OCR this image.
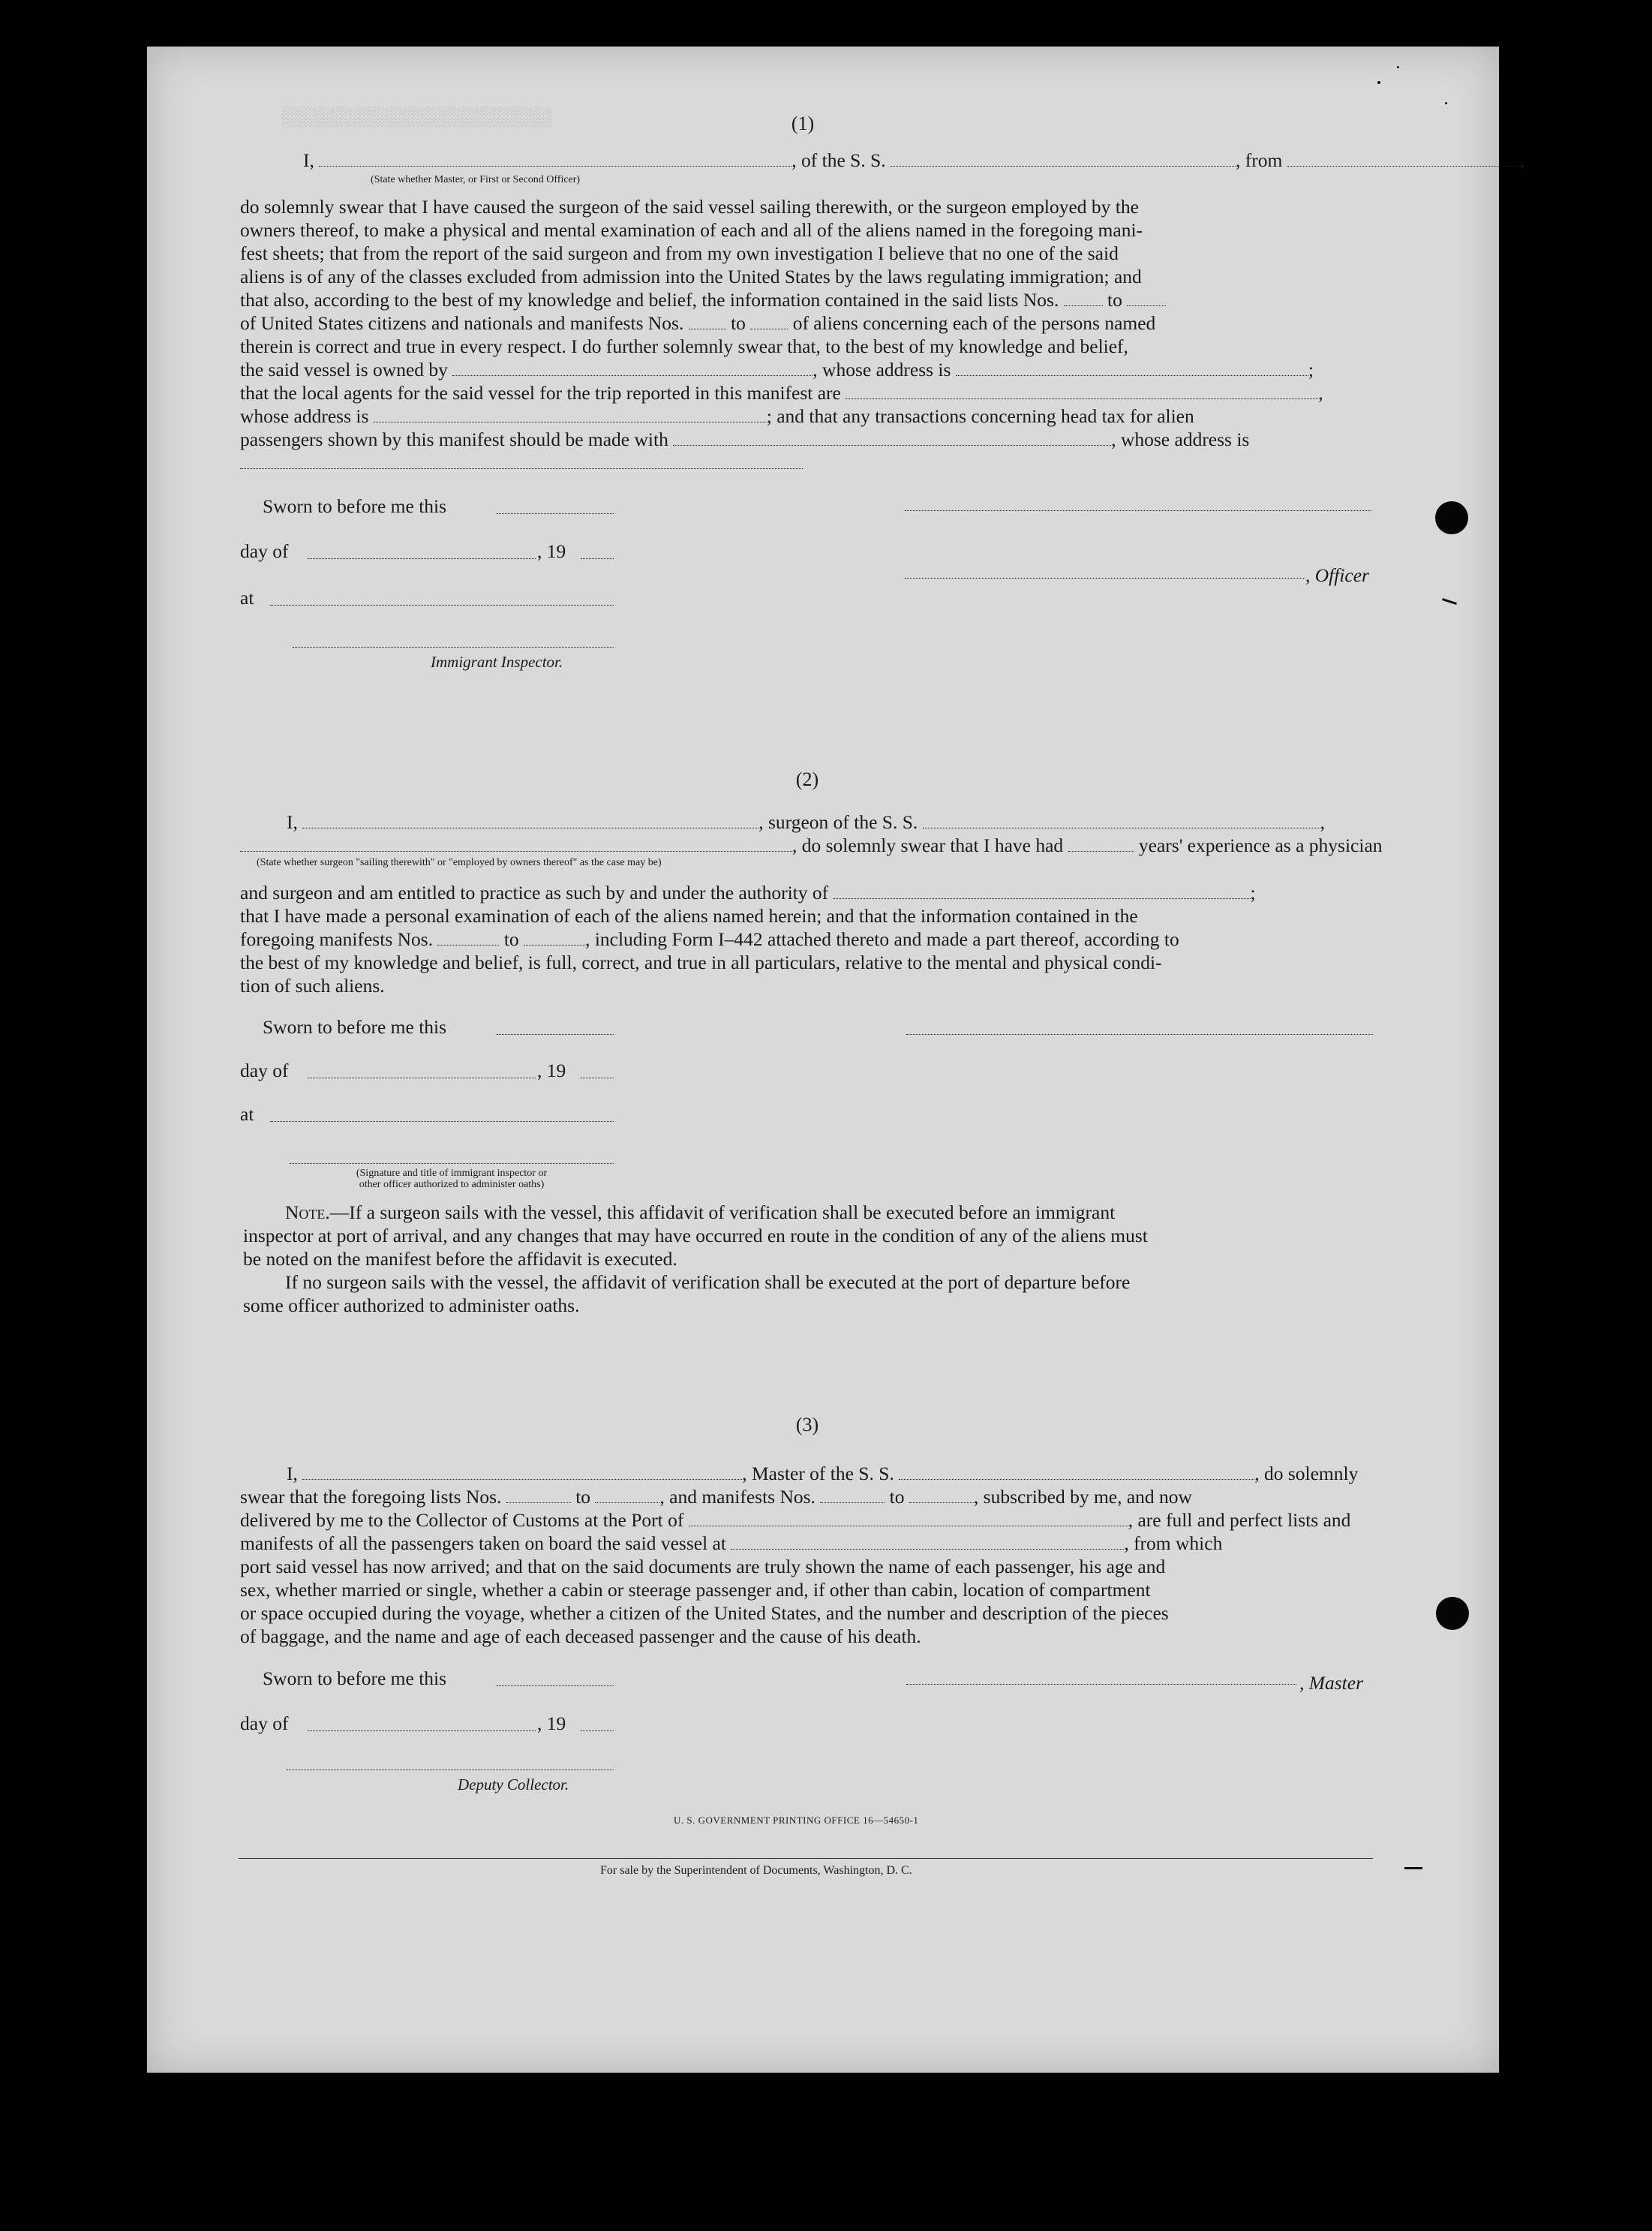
░░░░░░░░░░░░░░░░░░░░░░░░░	(1)
I,	, of the S. S.	, from	,
(State whether Master, or First or Second Officer)
do solemnly swear that I have caused the surgeon of the said vessel sailing therewith, or the surgeon employed by the
owners thereof, to make a physical and mental examination of each and all of the aliens named in the foregoing mani-
fest sheets; that from the report of the said surgeon and from my own investigation I believe that no one of the said
aliens is of any of the classes excluded from admission into the United States by the laws regulating immigration; and
that also, according to the best of my knowledge and belief, the information contained in the said lists Nos.	to
of United States citizens and nationals and manifests Nos. to of aliens concerning each of the persons named
therein is correct and true in every respect. I do further solemnly swear that, to the best of my knowledge and belief,
the said vessel is owned by	, whose address is	;
that the local agents for the said vessel for the trip reported in this manifest are	,
whose address is	; and that any transactions concerning head tax for alien
passengers shown by this manifest should be made with	, whose address is
Sworn to before me this
day of	, 19
at
, Officer
Immigrant Inspector.
(2)
I,	, surgeon of the S. S.	,
, do solemnly swear that I have had	years' experience as a physician
(State whether surgeon "sailing therewith" or "employed by owners thereof" as the case may be)
and surgeon and am entitled to practice as such by and under the authority of	;
that I have made a personal examination of each of the aliens named herein; and that the information contained in the
foregoing manifests Nos.	to	, including Form I–442 attached thereto and made a part thereof, according to
the best of my knowledge and belief, is full, correct, and true in all particulars, relative to the mental and physical condi-
tion of such aliens.
Sworn to before me this
day of	, 19
at
(Signature and title of immigrant inspector or
other officer authorized to administer oaths)
Note.—If a surgeon sails with the vessel, this affidavit of verification shall be executed before an immigrant
inspector at port of arrival, and any changes that may have occurred en route in the condition of any of the aliens must
be noted on the manifest before the affidavit is executed.
If no surgeon sails with the vessel, the affidavit of verification shall be executed at the port of departure before
some officer authorized to administer oaths.
(3)
I,	, Master of the S. S.	, do solemnly
swear that the foregoing lists Nos.	to	, and manifests Nos.	to	, subscribed by me, and now
delivered by me to the Collector of Customs at the Port of	, are full and perfect lists and
manifests of all the passengers taken on board the said vessel at	, from which
port said vessel has now arrived; and that on the said documents are truly shown the name of each passenger, his age and
sex, whether married or single, whether a cabin or steerage passenger and, if other than cabin, location of compartment
or space occupied during the voyage, whether a citizen of the United States, and the number and description of the pieces
of baggage, and the name and age of each deceased passenger and the cause of his death.
Sworn to before me this	, Master
day of	, 19
Deputy Collector.
U. S. GOVERNMENT PRINTING OFFICE 16—54650-1
For sale by the Superintendent of Documents, Washington, D. C.
